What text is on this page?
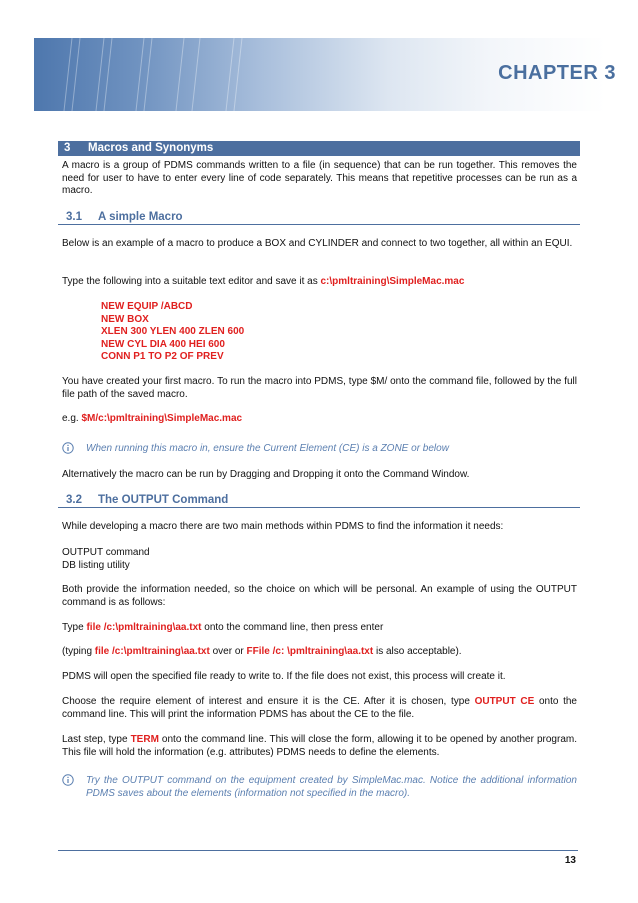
CHAPTER 3
3 Macros and Synonyms

A macro is a group of PDMS commands written to a file (in sequence) that can be run together. This removes the need for user to have to enter every line of code separately. This means that repetitive processes can be run as a macro.

3.1 A simple Macro

Below is an example of a macro to produce a BOX and CYLINDER and connect to two together, all within an EQUI.

Type the following into a suitable text editor and save it as c:\pmltraining\SimpleMac.mac

NEW EQUIP /ABCD
NEW BOX
XLEN 300 YLEN 400 ZLEN 600
NEW CYL DIA 400 HEI 600
CONN P1 TO P2 OF PREV

You have created your first macro. To run the macro into PDMS, type $M/ onto the command file, followed by the full file path of the saved macro.

e.g. $M/c:\pmltraining\SimpleMac.mac

When running this macro in, ensure the Current Element (CE) is a ZONE or below

Alternatively the macro can be run by Dragging and Dropping it onto the Command Window.

3.2 The OUTPUT Command

While developing a macro there are two main methods within PDMS to find the information it needs:

OUTPUT command
DB listing utility

Both provide the information needed, so the choice on which will be personal. An example of using the OUTPUT command is as follows:

Type file /c:\pmltraining\aa.txt onto the command line, then press enter

(typing file /c:\pmltraining\aa.txt over or FFile /c: \pmltraining\aa.txt is also acceptable).

PDMS will open the specified file ready to write to. If the file does not exist, this process will create it.

Choose the require element of interest and ensure it is the CE. After it is chosen, type OUTPUT CE onto the command line. This will print the information PDMS has about the CE to the file.

Last step, type TERM onto the command line. This will close the form, allowing it to be opened by another program. This file will hold the information (e.g. attributes) PDMS needs to define the elements.

Try the OUTPUT command on the equipment created by SimpleMac.mac. Notice the additional information PDMS saves about the elements (information not specified in the macro).
13
